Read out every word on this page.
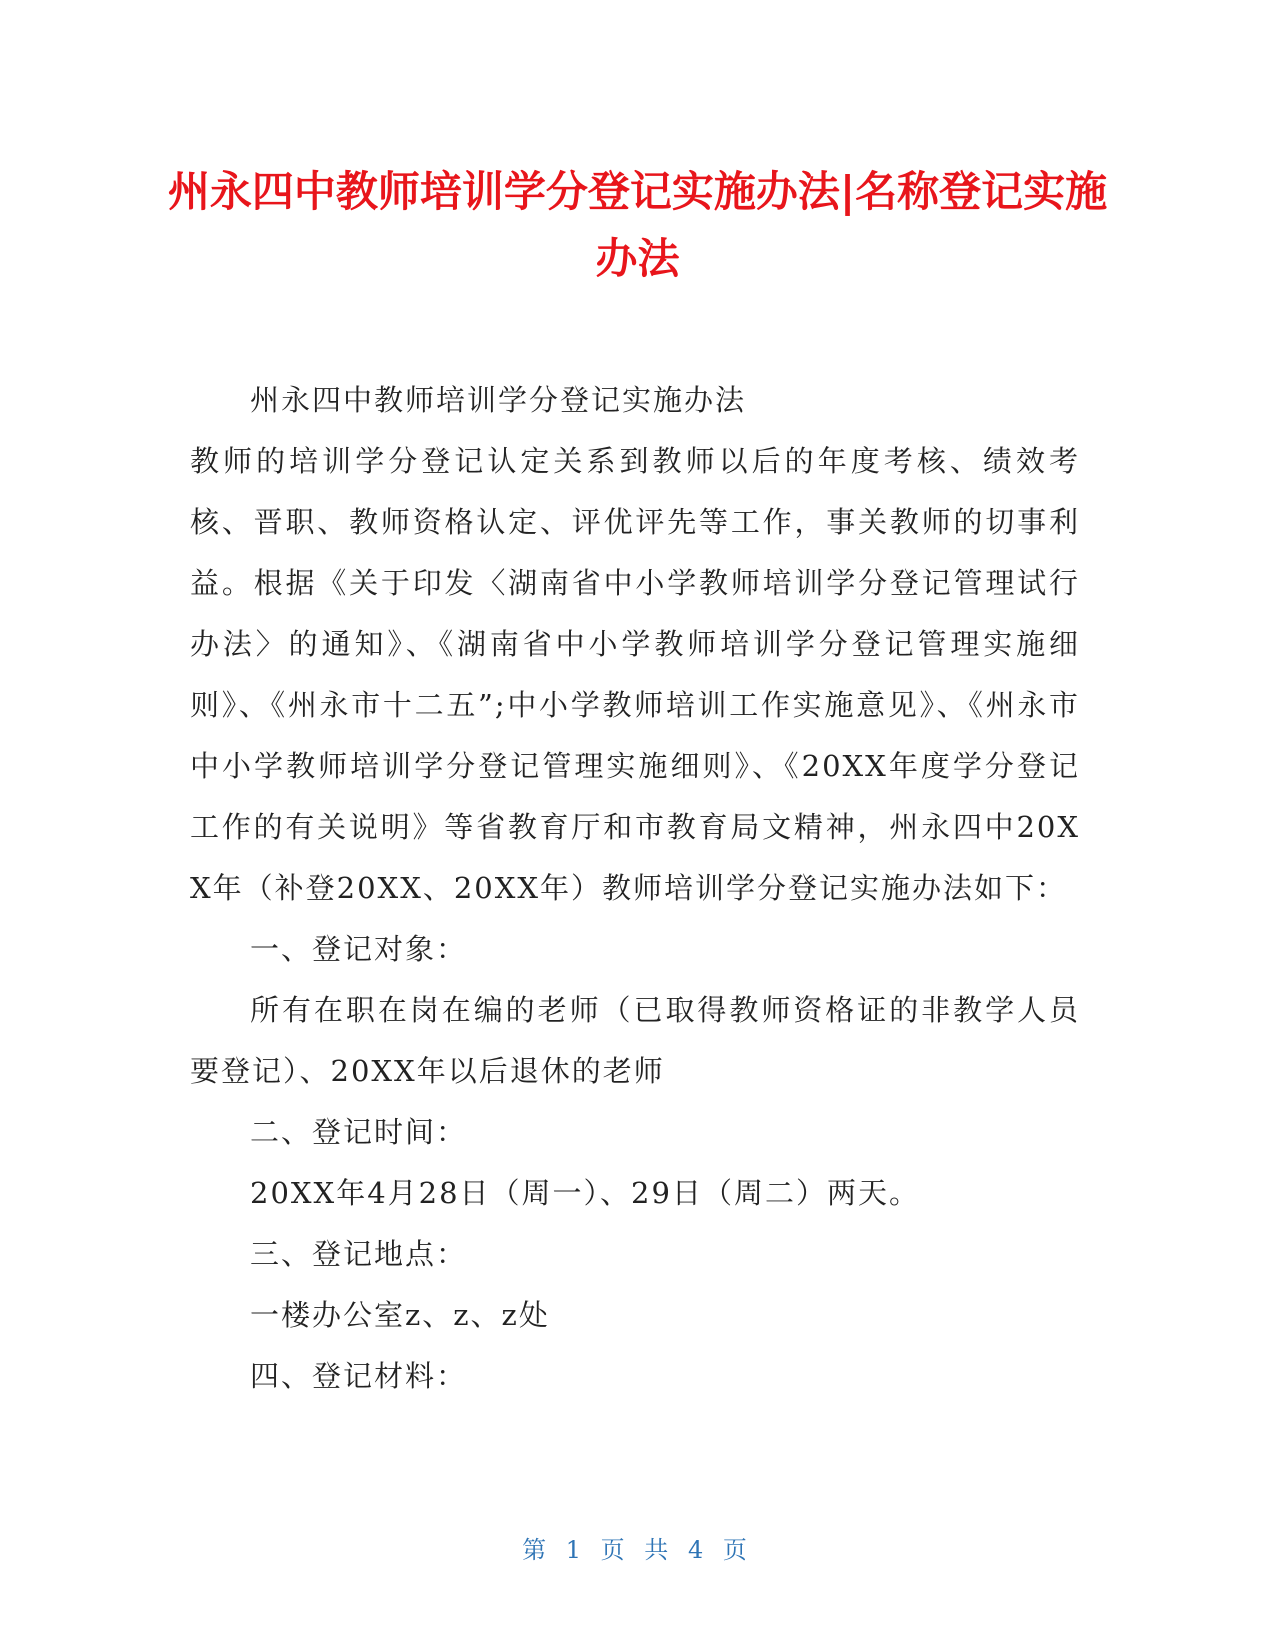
州永四中教师培训学分登记实施办法|名称登记实施办法

州永四中教师培训学分登记实施办法

教师的培训学分登记认定关系到教师以后的年度考核、绩效考核、晋职、教师资格认定、评优评先等工作，事关教师的切事利益。根据《关于印发〈湖南省中小学教师培训学分登记管理试行办法〉的通知》、《湖南省中小学教师培训学分登记管理实施细则》、《州永市十二五”;中小学教师培训工作实施意见》、《州永市中小学教师培训学分登记管理实施细则》、《20XX年度学分登记工作的有关说明》等省教育厅和市教育局文精神，州永四中20XX年（补登20XX、20XX年）教师培训学分登记实施办法如下：

一、登记对象：

所有在职在岗在编的老师（已取得教师资格证的非教学人员要登记）、20XX年以后退休的老师

二、登记时间：

20XX年4月28日（周一）、29日（周二）两天。

三、登记地点：

一楼办公室z、z、z处

四、登记材料：

第 1 页 共 4 页
